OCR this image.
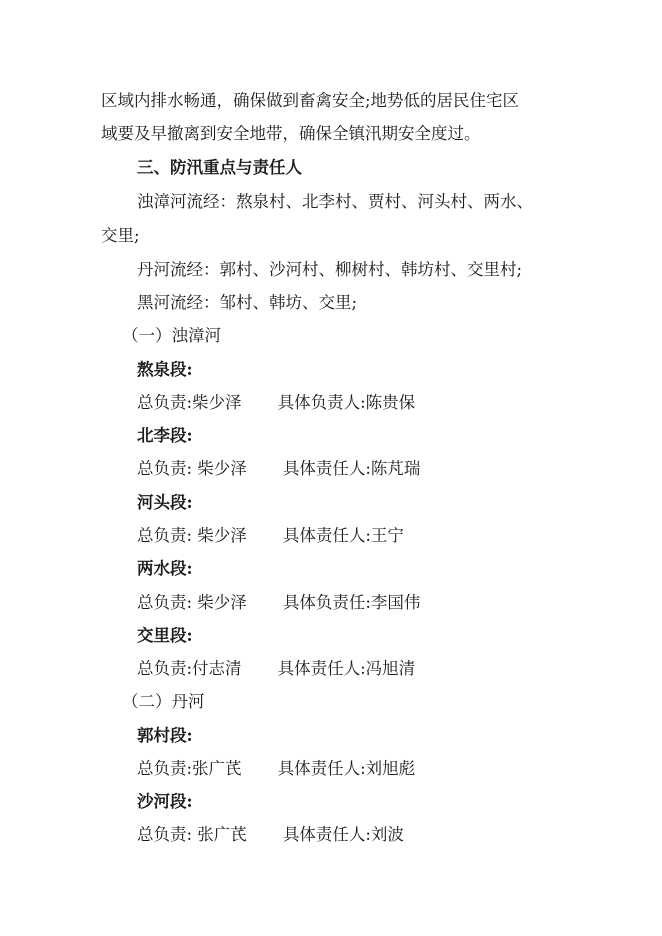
区域内排水畅通，确保做到畜禽安全;地势低的居民住宅区
域要及早撤离到安全地带，确保全镇汛期安全度过。
三、防汛重点与责任人
浊漳河流经：熬泉村、北李村、贾村、河头村、两水、
交里;
丹河流经：郭村、沙河村、柳树村、韩坊村、交里村;
黑河流经：邹村、韩坊、交里;
（一）浊漳河
熬泉段:
总负责:柴少泽 具体负责人:陈贵保
北李段:
总负责: 柴少泽 具体责任人:陈芃瑞
河头段:
总负责: 柴少泽 具体责任人:王宁
两水段:
总负责: 柴少泽 具体负责任:李国伟
交里段:
总负责:付志清 具体责任人:冯旭清
（二）丹河
郭村段:
总负责:张广芪 具体责任人:刘旭彪
沙河段:
总负责: 张广芪 具体责任人:刘波
